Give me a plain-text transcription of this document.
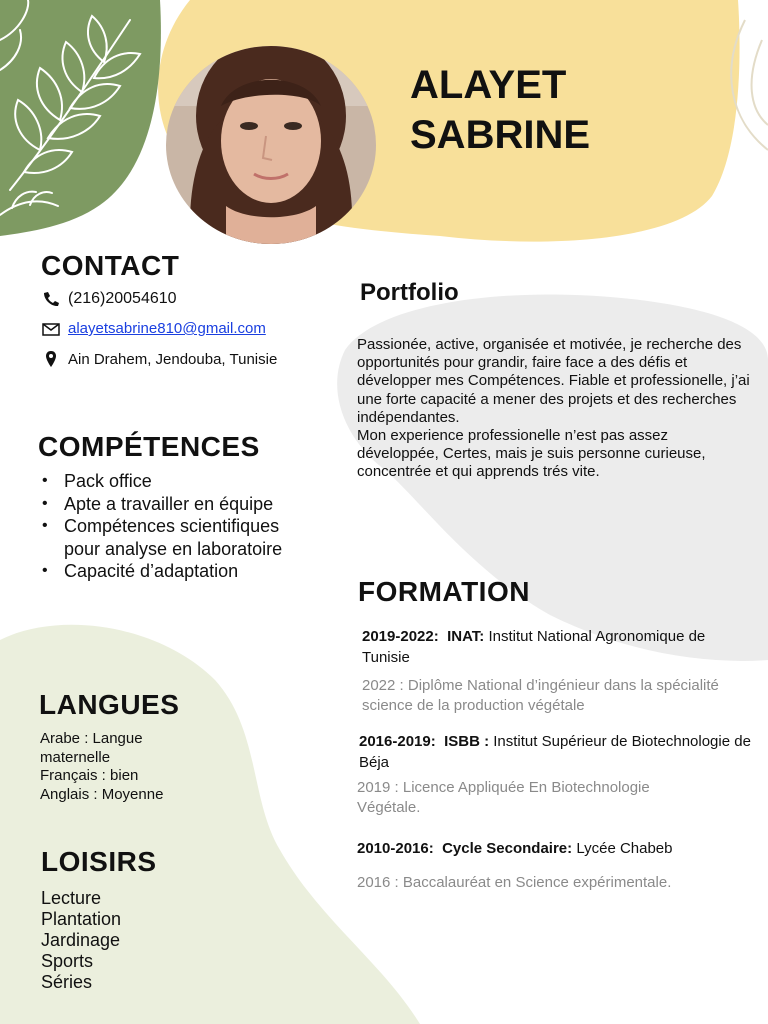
ALAYET
SABRINE
CONTACT
(216)20054610
alayetsabrine810@gmail.com
Ain Drahem, Jendouba, Tunisie
COMPÉTENCES
• Pack office
• Apte a travailler en équipe
• Compétences scientifiques pour analyse en laboratoire
• Capacité d’adaptation
LANGUES
Arabe : Langue maternelle
Français : bien
Anglais : Moyenne
LOISIRS
Lecture
Plantation
Jardinage
Sports
Séries
Portfolio

Passionée, active, organisée et motivée, je recherche des opportunités pour grandir, faire face a des défis et développer mes Compétences. Fiable et professionelle, j’ai une forte capacité a mener des projets et des recherches indépendantes.

Mon experience professionelle n’est pas assez développée, Certes, mais je suis personne curieuse, concentrée et qui apprends trés vite.

FORMATION
2019-2022: INAT: Institut National Agronomique de Tunisie
2022 : Diplôme National d’ingénieur dans la spécialité science de la production végétale
2016-2019: ISBB : Institut Supérieur de Biotechnologie de Béja
2019 : Licence Appliquée En Biotechnologie Végétale.
2010-2016: Cycle Secondaire: Lycée Chabeb
2016 : Baccalauréat en Science expérimentale.
